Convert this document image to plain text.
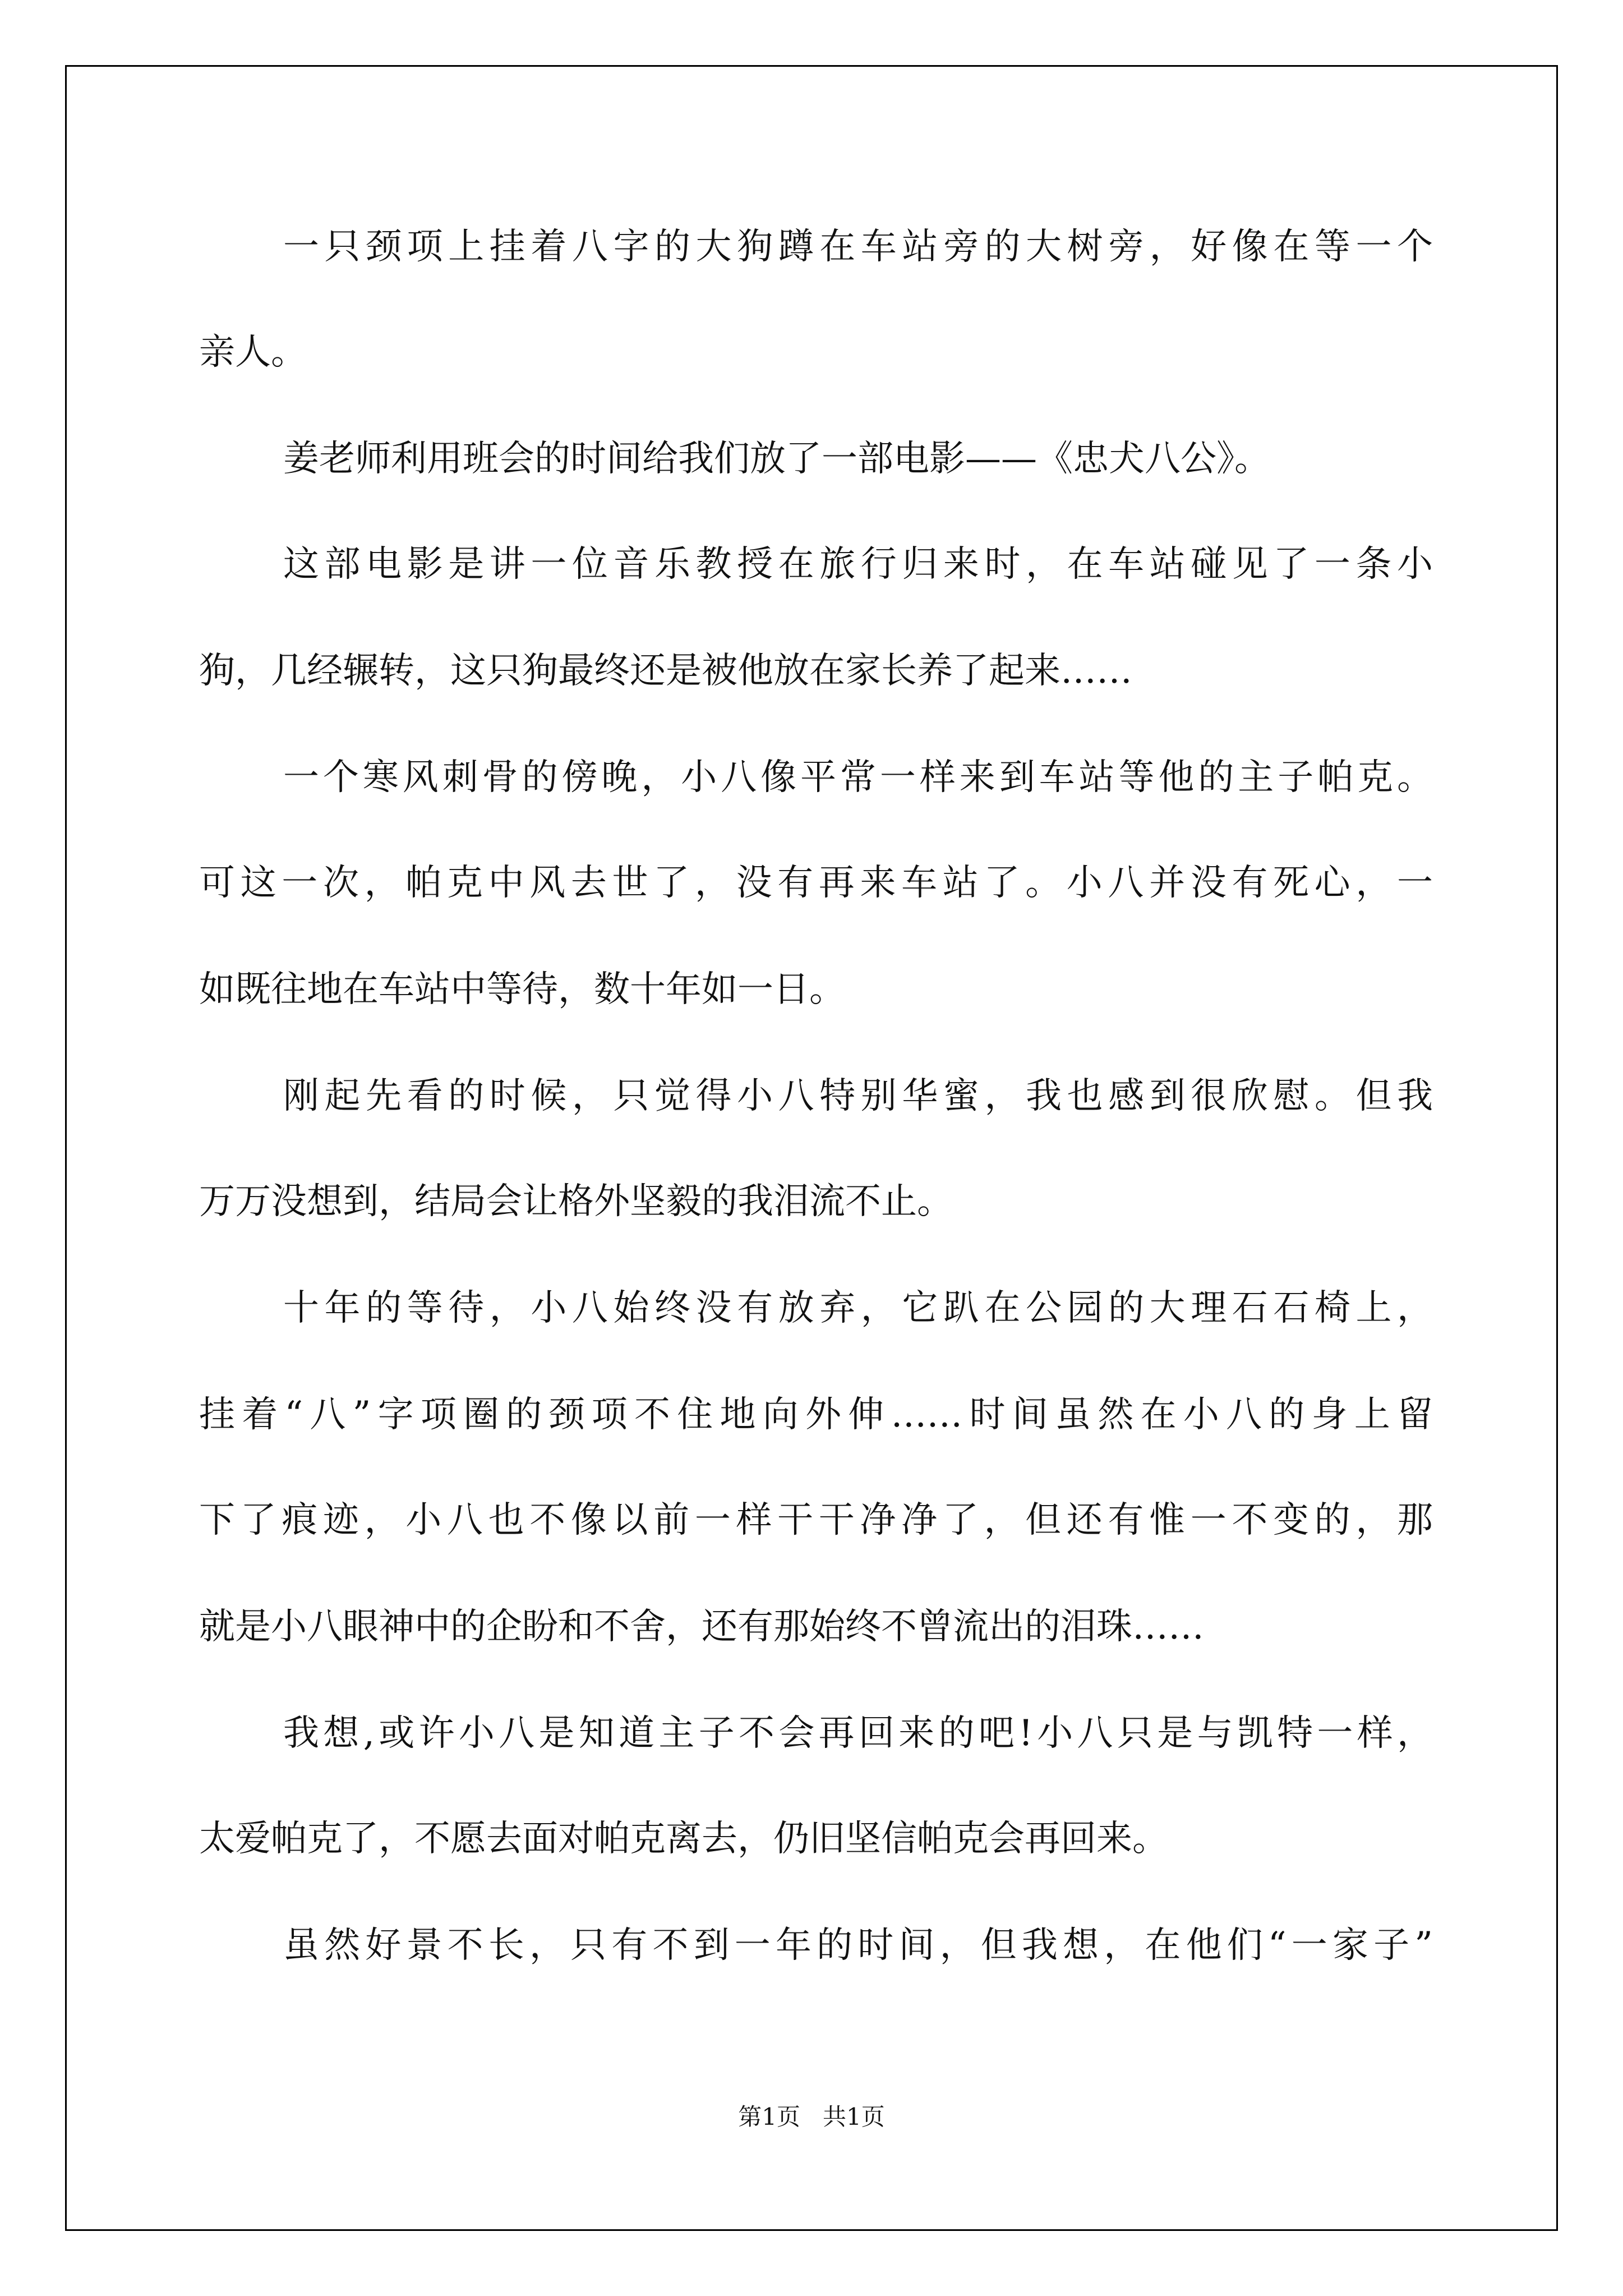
一只颈项上挂着八字的大狗蹲在车站旁的大树旁，好像在等一个
亲人。
姜老师利用班会的时间给我们放了一部电影——《忠犬八公》。
这部电影是讲一位音乐教授在旅行归来时，在车站碰见了一条小
狗，几经辗转，这只狗最终还是被他放在家长养了起来……
一个寒风刺骨的傍晚，小八像平常一样来到车站等他的主子帕克。
可这一次，帕克中风去世了，没有再来车站了。小八并没有死心，一
如既往地在车站中等待，数十年如一日。
刚起先看的时候，只觉得小八特别华蜜，我也感到很欣慰。但我
万万没想到，结局会让格外坚毅的我泪流不止。
十年的等待，小八始终没有放弃，它趴在公园的大理石石椅上，
挂着“八”字项圈的颈项不住地向外伸……时间虽然在小八的身上留
下了痕迹，小八也不像以前一样干干净净了，但还有惟一不变的，那
就是小八眼神中的企盼和不舍，还有那始终不曾流出的泪珠……
我想,或许小八是知道主子不会再回来的吧!小八只是与凯特一样，
太爱帕克了，不愿去面对帕克离去，仍旧坚信帕克会再回来。
虽然好景不长，只有不到一年的时间，但我想，在他们“一家子”
第1页 共1页
